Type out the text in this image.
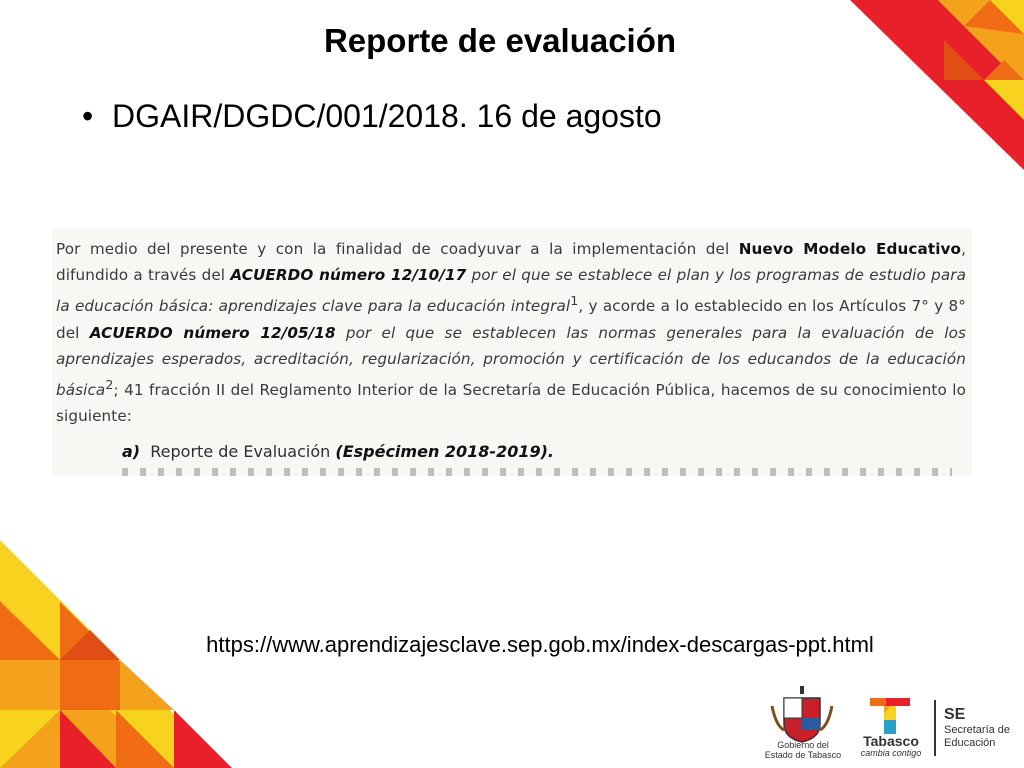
Reporte de evaluación
• DGAIR/DGDC/001/2018. 16 de agosto

Por medio del presente y con la finalidad de coadyuvar a la implementación del Nuevo Modelo Educativo, difundido a través del ACUERDO número 12/10/17 por el que se establece el plan y los programas de estudio para la educación básica: aprendizajes clave para la educación integral$^1$, y acorde a lo establecido en los Artículos 7° y 8° del ACUERDO número 12/05/18 por el que se establecen las normas generales para la evaluación de los aprendizajes esperados, acreditación, regularización, promoción y certificación de los educandos de la educación básica$^2$; 41 fracción II del Reglamento Interior de la Secretaría de Educación Pública, hacemos de su conocimiento lo siguiente:

a) Reporte de Evaluación (Espécimen 2018-2019).
https://www.aprendizajesclave.sep.gob.mx/index-descargas-ppt.html
Gobierno del
Estado de Tabasco
Tabasco
cambia contigo
SE
Secretaría de
Educación
